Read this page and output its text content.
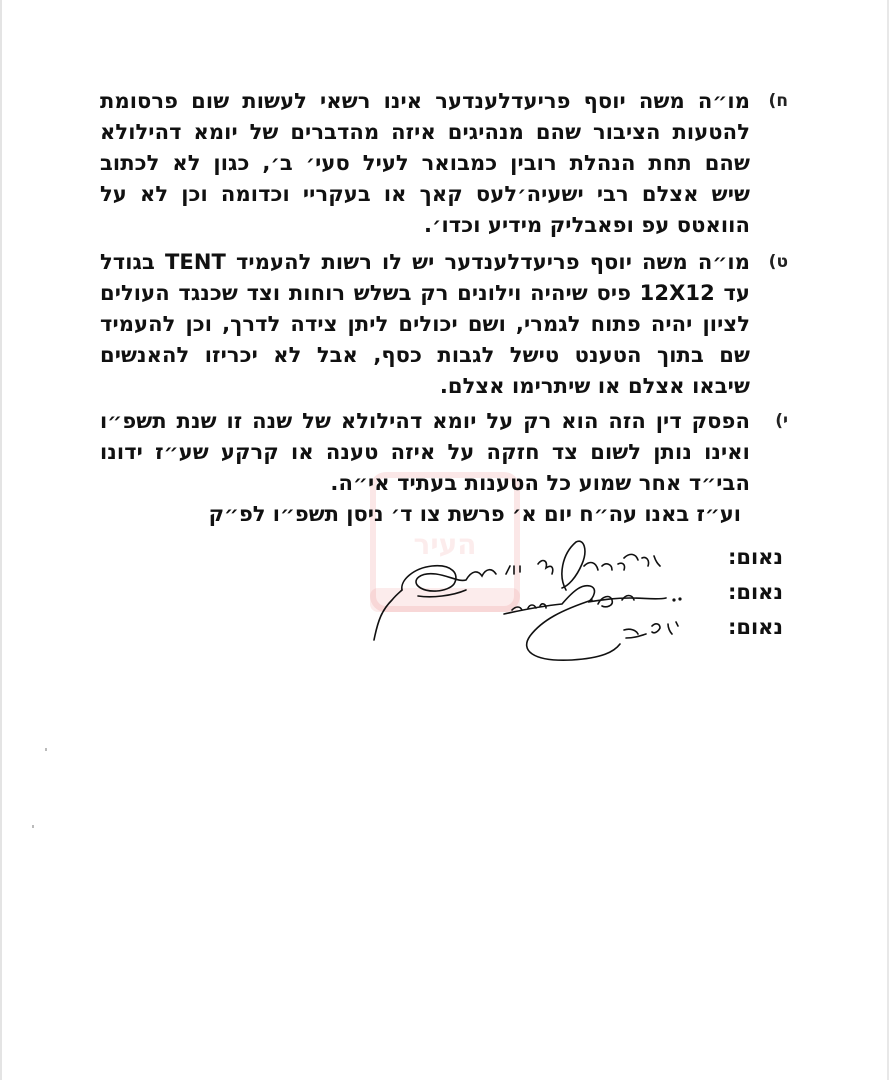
העיר
ח)
מו״ה משה יוסף פריעדלענדער אינו רשאי לעשות שום פרסומת
להטעות הציבור שהם מנהיגים איזה מהדברים של יומא דהילולא
שהם תחת הנהלת רובין כמבואר לעיל סעי׳ ב׳, כגון לא לכתוב
שיש אצלם רבי ישעיה׳לעס קאך או בעקריי וכדומה וכן לא על
הוואטס עפ ופאבליק מידיע וכדו׳.
ט)
מו״ה משה יוסף פריעדלענדער יש לו רשות להעמיד TENT בגודל
עד 12X12 פיס שיהיה וילונים רק בשלש רוחות וצד שכנגד העולים
לציון יהיה פתוח לגמרי, ושם יכולים ליתן צידה לדרך, וכן להעמיד
שם בתוך הטענט טישל לגבות כסף, אבל לא יכריזו להאנשים
שיבאו אצלם או שיתרימו אצלם.
י)
הפסק דין הזה הוא רק על יומא דהילולא של שנה זו שנת תשפ״ו
ואינו נותן לשום צד חזקה על איזה טענה או קרקע שע״ז ידונו
הבי״ד אחר שמוע כל הטענות בעתיד אי״ה.
וע״ז באנו עה״ח יום א׳ פרשת צו ד׳ ניסן תשפ״ו לפ״ק
נאום:
נאום:
נאום:
